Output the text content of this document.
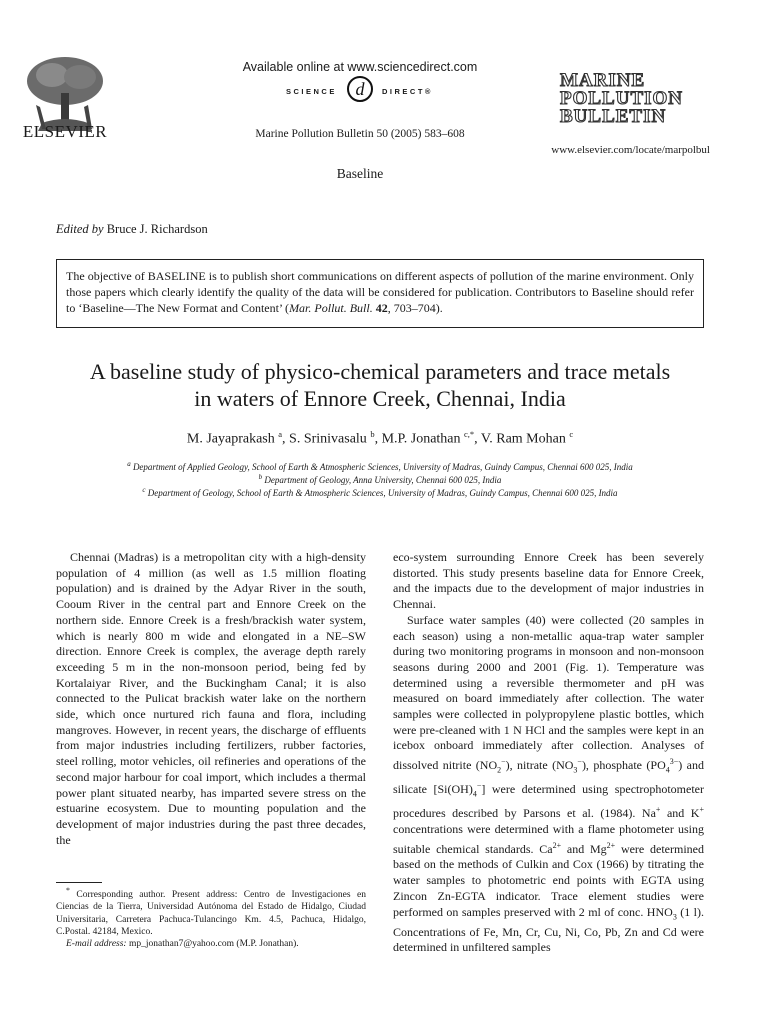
ELSEVIER
Available online at www.sciencedirect.com
d
SCIENCE	DIRECT®
Marine Pollution Bulletin 50 (2005) 583–608
MARINE
POLLUTION
BULLETIN
www.elsevier.com/locate/marpolbul
Baseline
Edited by Bruce J. Richardson
The objective of BASELINE is to publish short communications on different aspects of pollution of the marine environment. Only those papers which clearly identify the quality of the data will be considered for publication. Contributors to Baseline should refer to ‘Baseline—The New Format and Content’ (Mar. Pollut. Bull. 42, 703–704).
A baseline study of physico-chemical parameters and trace metals
in waters of Ennore Creek, Chennai, India
M. Jayaprakash $^a$, S. Srinivasalu $^b$, M.P. Jonathan $^{c,*}$, V. Ram Mohan $^c$
$^a$ Department of Applied Geology, School of Earth & Atmospheric Sciences, University of Madras, Guindy Campus, Chennai 600 025, India
$^b$ Department of Geology, Anna University, Chennai 600 025, India
$^c$ Department of Geology, School of Earth & Atmospheric Sciences, University of Madras, Guindy Campus, Chennai 600 025, India

Chennai (Madras) is a metropolitan city with a high-density population of 4 million (as well as 1.5 million floating population) and is drained by the Adyar River in the south, Cooum River in the central part and Ennore Creek on the northern side. Ennore Creek is a fresh/brackish water system, which is nearly 800 m wide and elongated in a NE–SW direction. Ennore Creek is complex, the average depth rarely exceeding 5 m in the non-monsoon period, being fed by Kortalaiyar River, and the Buckingham Canal; it is also connected to the Pulicat brackish water lake on the northern side, which once nurtured rich fauna and flora, including mangroves. However, in recent years, the discharge of effluents from major industries including fertilizers, rubber factories, steel rolling, motor vehicles, oil refineries and operations of the second major harbour for coal import, which includes a thermal power plant situated nearby, has imparted severe stress on the estuarine ecosystem. Due to mounting population and the development of major industries during the past three decades, the

eco-system surrounding Ennore Creek has been severely distorted. This study presents baseline data for Ennore Creek, and the impacts due to the development of major industries in Chennai.

Surface water samples (40) were collected (20 samples in each season) using a non-metallic aqua-trap water sampler during two monitoring programs in monsoon and non-monsoon seasons during 2000 and 2001 (Fig. 1). Temperature was determined using a reversible thermometer and pH was measured on board immediately after collection. The water samples were collected in polypropylene plastic bottles, which were pre-cleaned with 1 N HCl and the samples were kept in an icebox onboard immediately after collection. Analyses of dissolved nitrite $(NO_2^-)$, nitrate $(NO_3^-)$, phosphate $(PO_4^{3-})$ and silicate $[Si(OH)_4^-]$ were determined using spectrophotometer procedures described by Parsons et al. (1984). Na+ and K+ concentrations were determined with a flame photometer using suitable chemical standards. $Ca^{2+}$ and $Mg^{2+}$ were determined based on the methods of Culkin and Cox (1966) by titrating the water samples to photometric end points with EGTA using Zincon Zn-EGTA indicator. Trace element studies were performed on samples preserved with 2 ml of conc. $HNO_3$ (1 l). Concentrations of Fe, Mn, Cr, Cu, Ni, Co, Pb, Zn and Cd were determined in unfiltered samples

* Corresponding author. Present address: Centro de Investigaciones en Ciencias de la Tierra, Universidad Autónoma del Estado de Hidalgo, Ciudad Universitaria, Carretera Pachuca-Tulancingo Km. 4.5, Pachuca, Hidalgo, C.Postal. 42184, Mexico.
E-mail address: mp_jonathan7@yahoo.com (M.P. Jonathan).
